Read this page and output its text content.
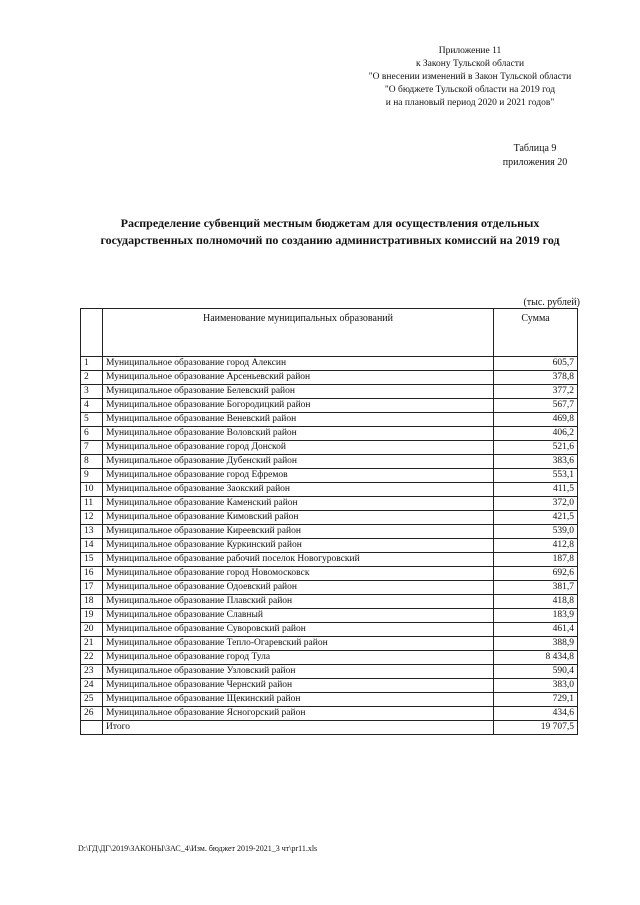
Приложение 11
к Закону Тульской области
"О внесении изменений в Закон Тульской области
"О бюджете Тульской области на 2019 год
и на плановый период 2020 и 2021 годов"
Таблица 9
приложения 20
Распределение субвенций местным бюджетам для осуществления отдельных
государственных полномочий по созданию административных комиссий на 2019 год
(тыс. рублей)
	Наименование муниципальных образований	Сумма
1	Муниципальное образование город Алексин	605,7
2	Муниципальное образование Арсеньевский район	378,8
3	Муниципальное образование Белевский район	377,2
4	Муниципальное образование Богородицкий район	567,7
5	Муниципальное образование Веневский район	469,8
6	Муниципальное образование Воловский район	406,2
7	Муниципальное образование город Донской	521,6
8	Муниципальное образование Дубенский район	383,6
9	Муниципальное образование город Ефремов	553,1
10	Муниципальное образование Заокский район	411,5
11	Муниципальное образование Каменский район	372,0
12	Муниципальное образование Кимовский район	421,5
13	Муниципальное образование Киреевский район	539,0
14	Муниципальное образование Куркинский район	412,8
15	Муниципальное образование рабочий поселок Новогуровский	187,8
16	Муниципальное образование город Новомосковск	692,6
17	Муниципальное образование Одоевский район	381,7
18	Муниципальное образование Плавский район	418,8
19	Муниципальное образование Славный	183,9
20	Муниципальное образование Суворовский район	461,4
21	Муниципальное образование Тепло-Огаревский район	388,9
22	Муниципальное образование город Тула	8 434,8
23	Муниципальное образование Узловский район	590,4
24	Муниципальное образование Чернский район	383,0
25	Муниципальное образование Щекинский район	729,1
26	Муниципальное образование Ясногорский район	434,6
	Итого	19 707,5
D:\ГД\ДГ\2019\ЗАКОНЫ\ЗАС_4\Изм. бюджет 2019-2021_3 чт\pr11.xls
